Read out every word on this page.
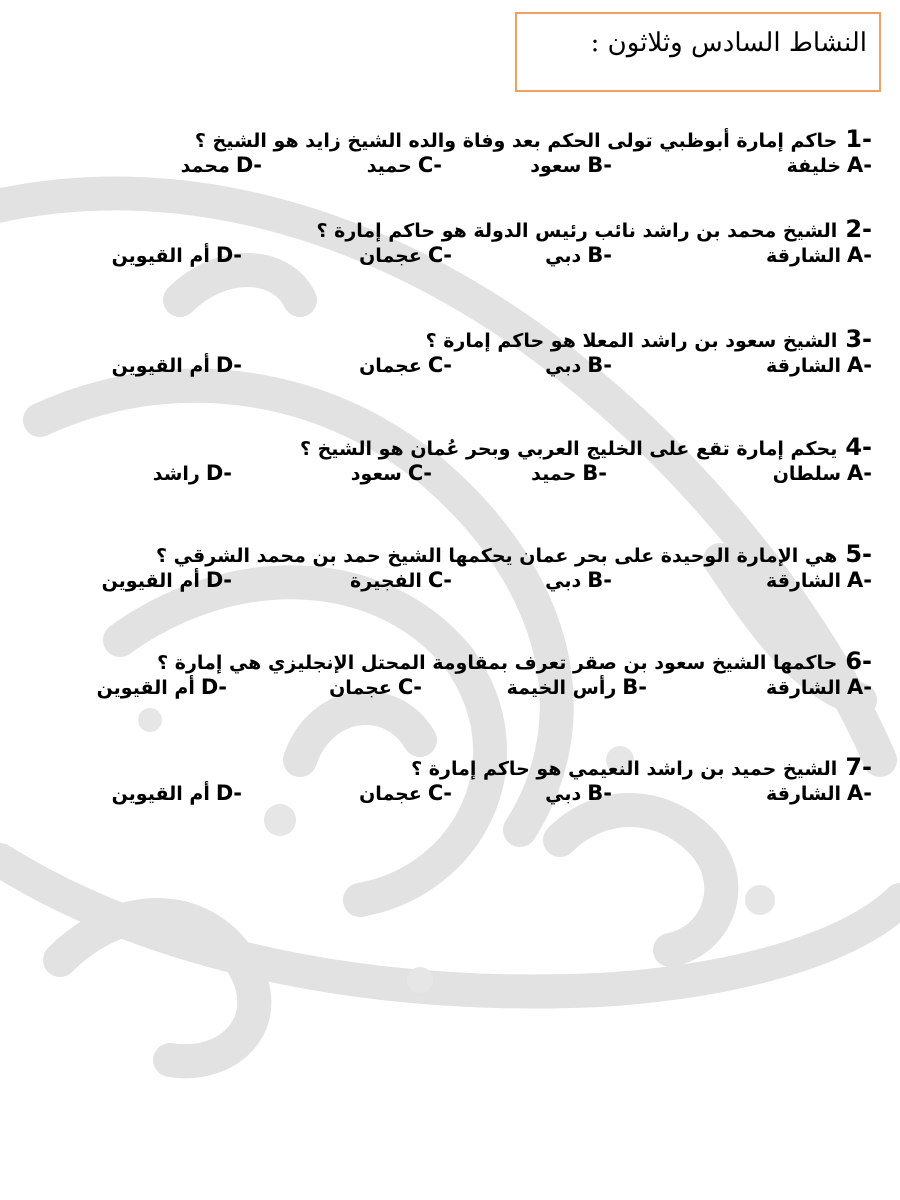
النشاط السادس وثلاثون :
-1
حاكم إمارة أبوظبي تولى الحكم بعد وفاة والده الشيخ زايد هو الشيخ ؟
-Aخليفة
-Bسعود
-Cحميد
-Dمحمد
-2
الشيخ محمد بن راشد نائب رئيس الدولة هو حاكم إمارة ؟
-Aالشارقة
-Bدبي
-Cعجمان
-Dأم القيوين
-3
الشيخ سعود بن راشد المعلا هو حاكم إمارة ؟
-Aالشارقة
-Bدبي
-Cعجمان
-Dأم القيوين
-4
يحكم إمارة تقع على الخليج العربي وبحر عُمان هو الشيخ ؟
-Aسلطان
-Bحميد
-Cسعود
-Dراشد
-5
هي الإمارة الوحيدة على بحر عمان يحكمها الشيخ حمد بن محمد الشرقي ؟
-Aالشارقة
-Bدبي
-Cالفجيرة
-Dأم القيوين
-6
حاكمها الشيخ سعود بن صقر تعرف بمقاومة المحتل الإنجليزي هي إمارة ؟
-Aالشارقة
-Bرأس الخيمة
-Cعجمان
-Dأم القيوين
-7
الشيخ حميد بن راشد النعيمي هو حاكم إمارة ؟
-Aالشارقة
-Bدبي
-Cعجمان
-Dأم القيوين
